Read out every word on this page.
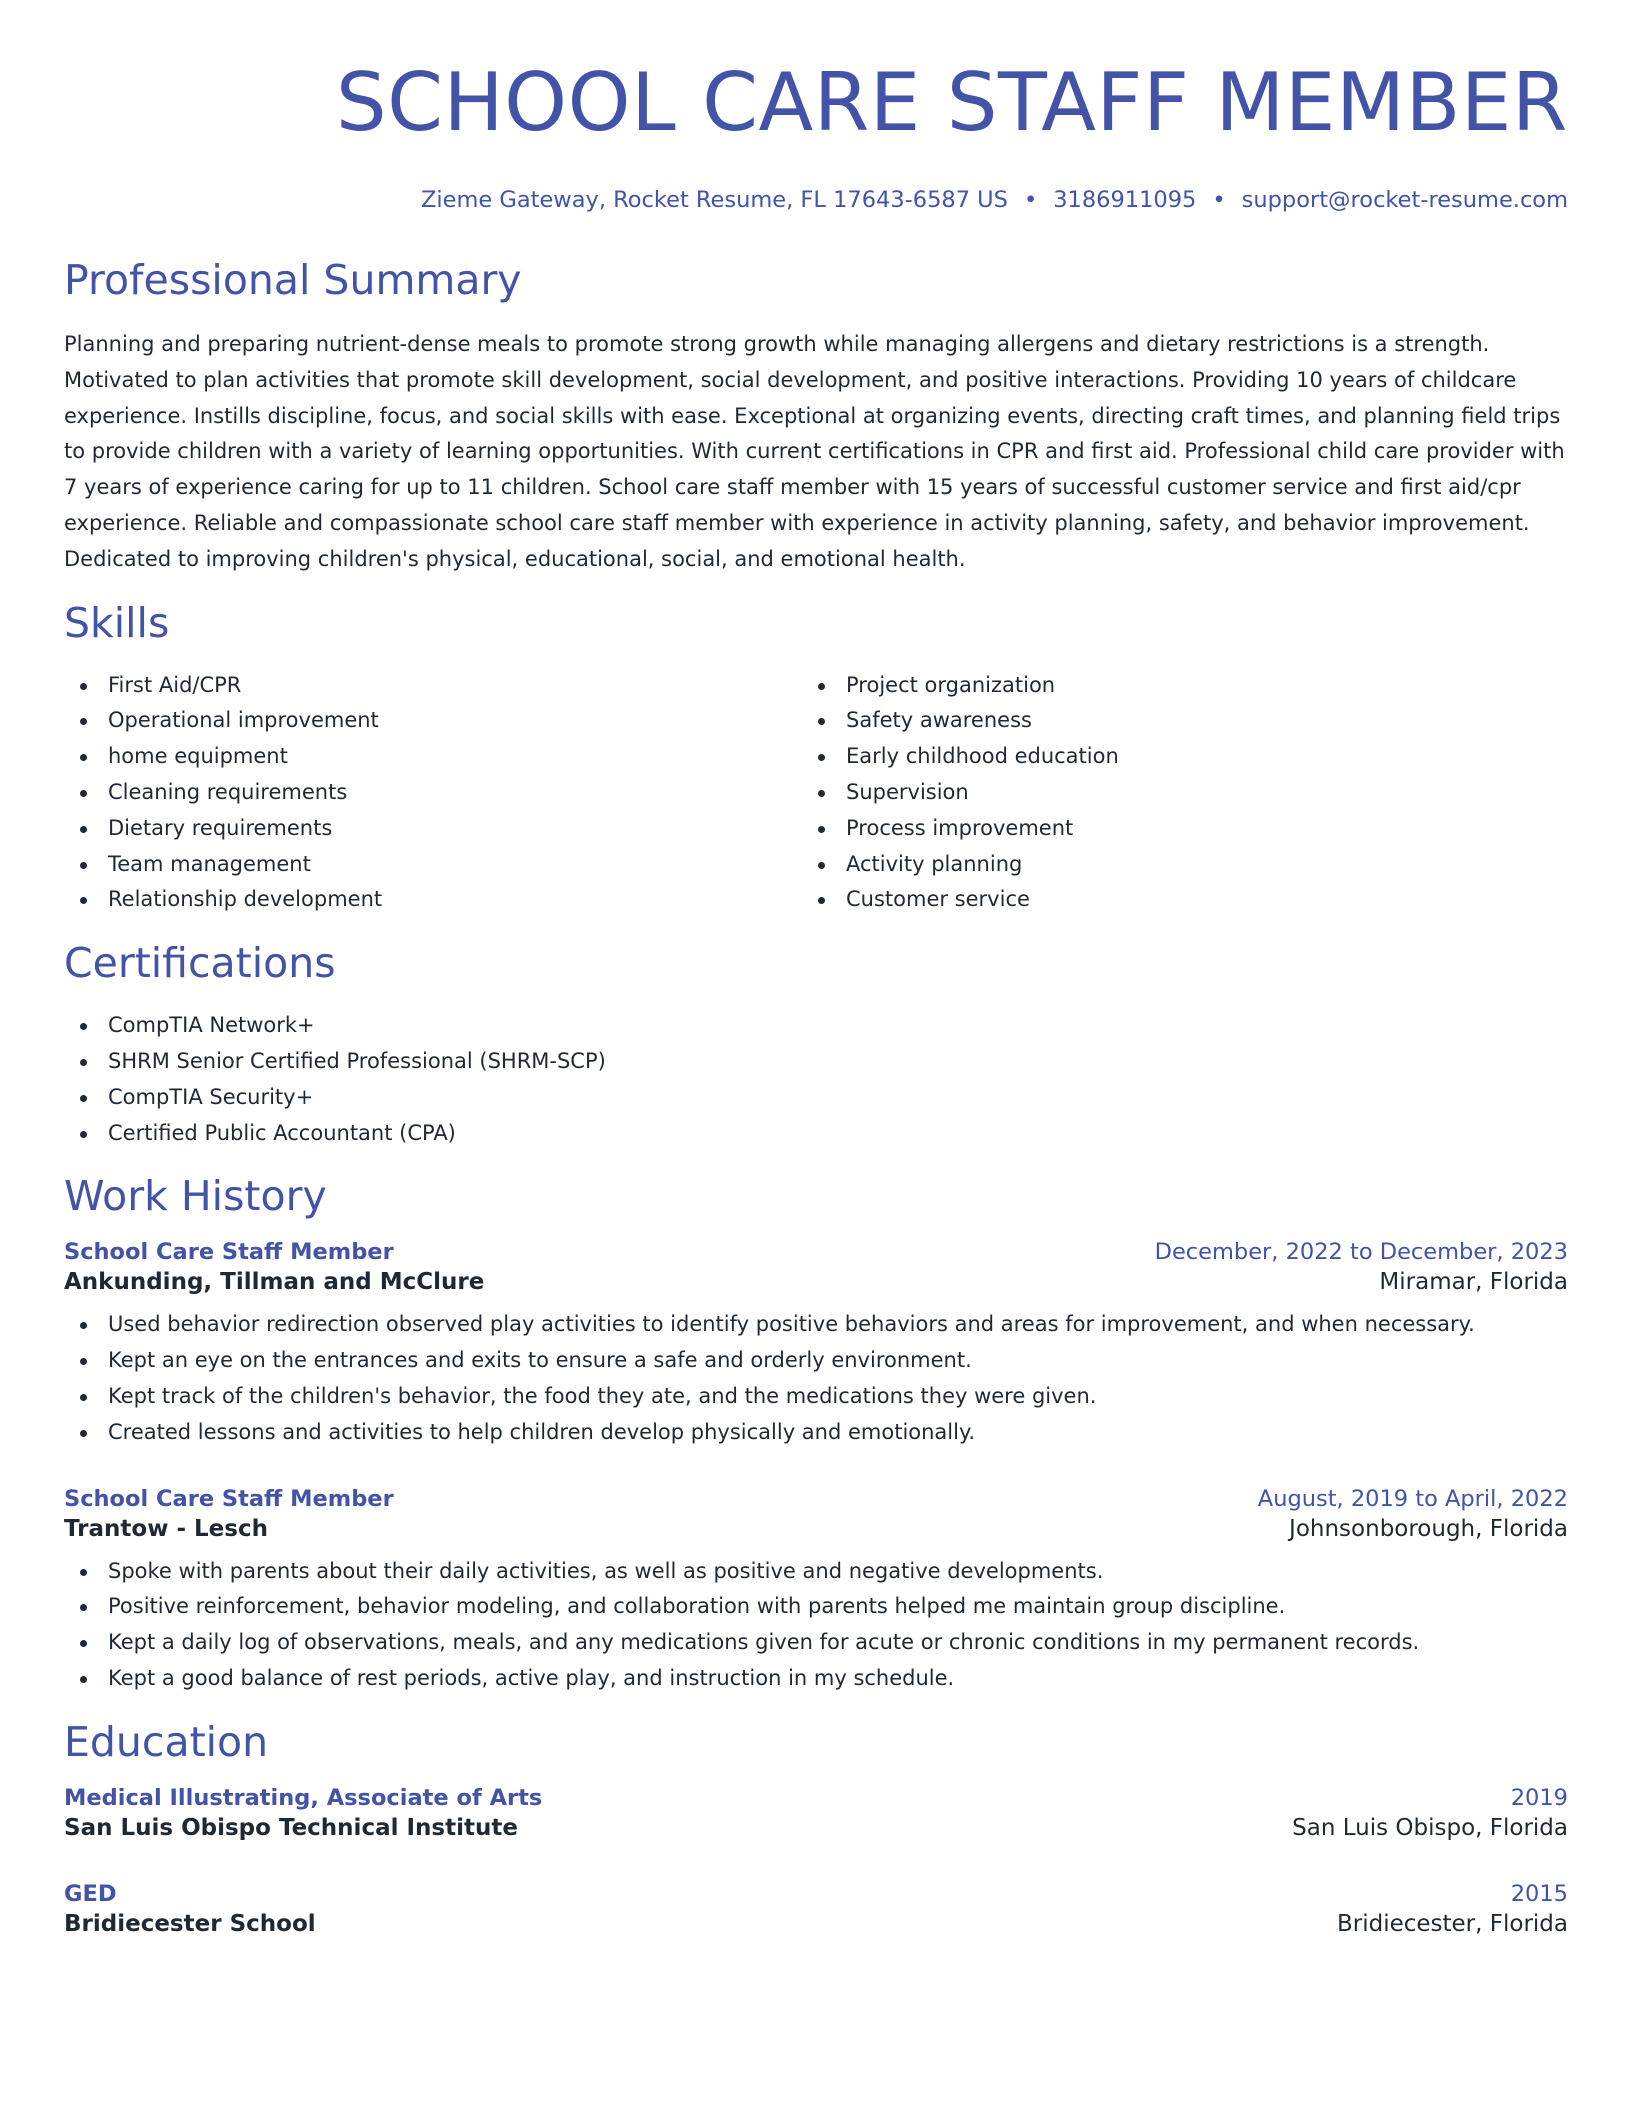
SCHOOL CARE STAFF MEMBER
Zieme Gateway, Rocket Resume, FL 17643-6587 US • 3186911095 • support@rocket-resume.com
Professional Summary
Planning and preparing nutrient-dense meals to promote strong growth while managing allergens and dietary restrictions is a strength. Motivated to plan activities that promote skill development, social development, and positive interactions. Providing 10 years of childcare experience. Instills discipline, focus, and social skills with ease. Exceptional at organizing events, directing craft times, and planning field trips to provide children with a variety of learning opportunities. With current certifications in CPR and first aid. Professional child care provider with 7 years of experience caring for up to 11 children. School care staff member with 15 years of successful customer service and first aid/cpr experience. Reliable and compassionate school care staff member with experience in activity planning, safety, and behavior improvement. Dedicated to improving children's physical, educational, social, and emotional health.
Skills
First Aid/CPR
Operational improvement
home equipment
Cleaning requirements
Dietary requirements
Team management
Relationship development
Project organization
Safety awareness
Early childhood education
Supervision
Process improvement
Activity planning
Customer service
Certifications
CompTIA Network+
SHRM Senior Certified Professional (SHRM-SCP)
CompTIA Security+
Certified Public Accountant (CPA)
Work History
School Care Staff Member	December, 2022 to December, 2023
Ankunding, Tillman and McClure	Miramar, Florida
Used behavior redirection observed play activities to identify positive behaviors and areas for improvement, and when necessary.
Kept an eye on the entrances and exits to ensure a safe and orderly environment.
Kept track of the children's behavior, the food they ate, and the medications they were given.
Created lessons and activities to help children develop physically and emotionally.
School Care Staff Member	August, 2019 to April, 2022
Trantow - Lesch	Johnsonborough, Florida
Spoke with parents about their daily activities, as well as positive and negative developments.
Positive reinforcement, behavior modeling, and collaboration with parents helped me maintain group discipline.
Kept a daily log of observations, meals, and any medications given for acute or chronic conditions in my permanent records.
Kept a good balance of rest periods, active play, and instruction in my schedule.
Education
Medical Illustrating, Associate of Arts	2019
San Luis Obispo Technical Institute	San Luis Obispo, Florida
GED	2015
Bridiecester School	Bridiecester, Florida
